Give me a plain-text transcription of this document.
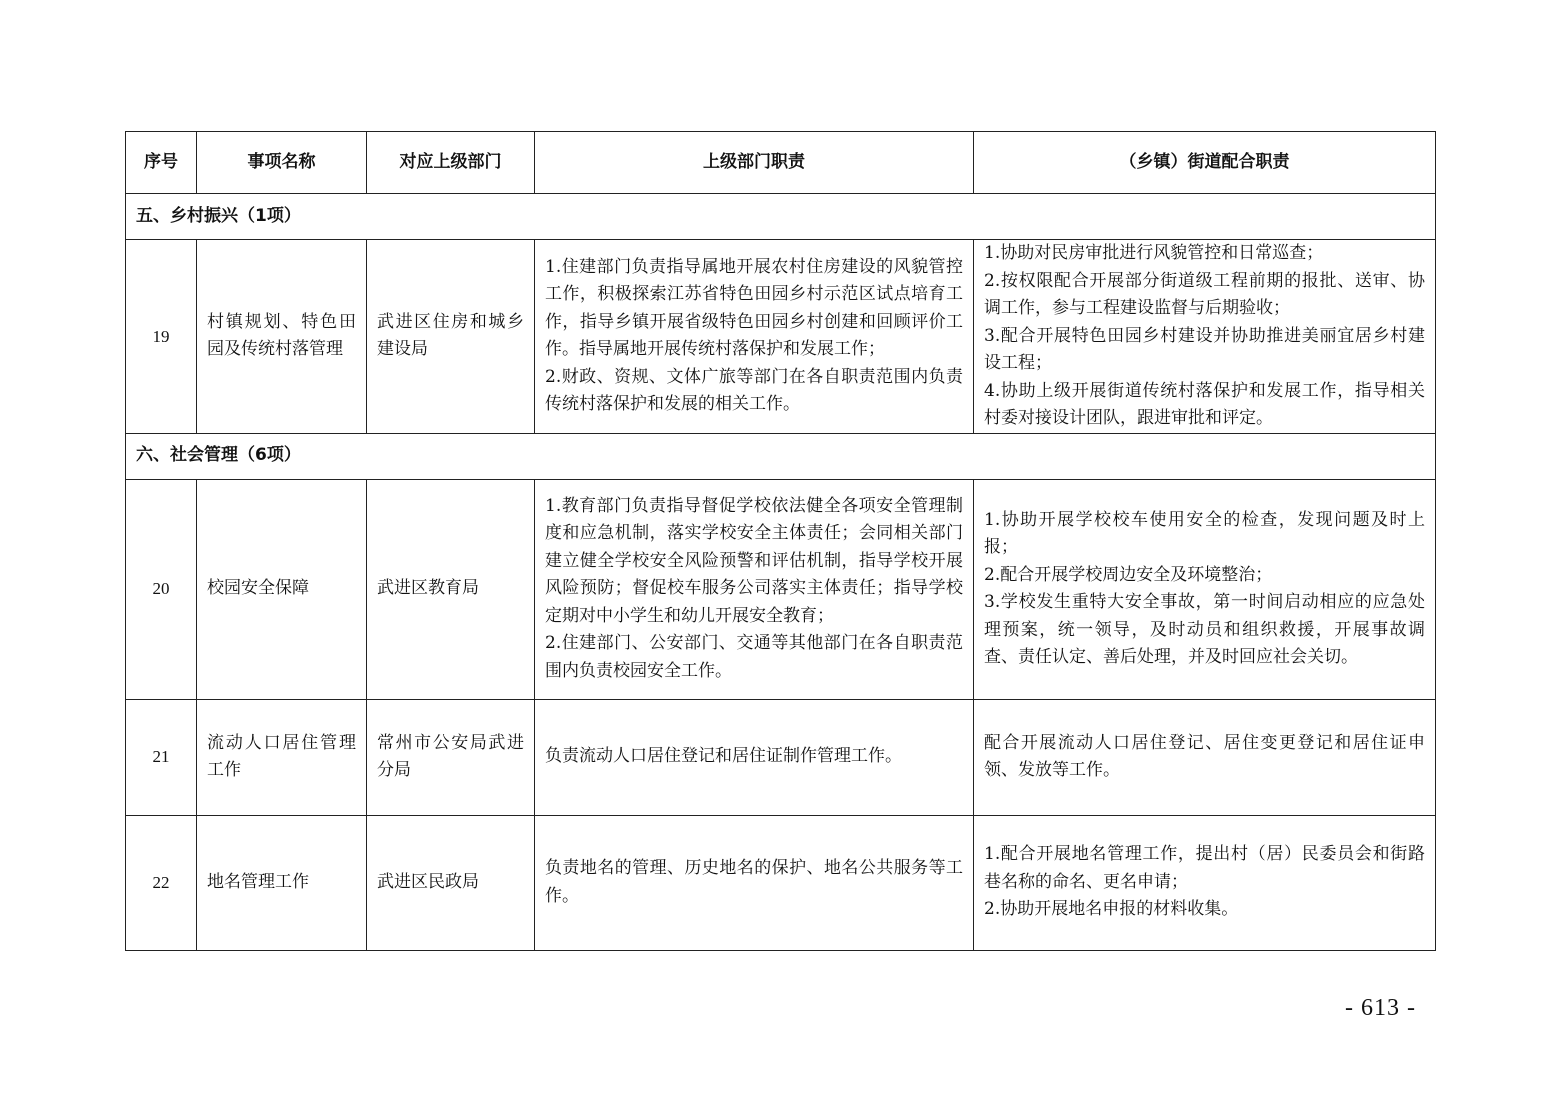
序号	事项名称	对应上级部门	上级部门职责	（乡镇）街道配合职责
五、乡村振兴（1项）				
19	村镇规划、特色田园及传统村落管理	武进区住房和城乡建设局	1.住建部门负责指导属地开展农村住房建设的风貌管控工作，积极探索江苏省特色田园乡村示范区试点培育工作，指导乡镇开展省级特色田园乡村创建和回顾评价工作。指导属地开展传统村落保护和发展工作；
2.财政、资规、文体广旅等部门在各自职责范围内负责传统村落保护和发展的相关工作。	1.协助对民房审批进行风貌管控和日常巡查；
2.按权限配合开展部分街道级工程前期的报批、送审、协调工作，参与工程建设监督与后期验收；
3.配合开展特色田园乡村建设并协助推进美丽宜居乡村建设工程；
4.协助上级开展街道传统村落保护和发展工作，指导相关村委对接设计团队，跟进审批和评定。

六、社会管理（6项）				
20	校园安全保障	武进区教育局	1.教育部门负责指导督促学校依法健全各项安全管理制度和应急机制，落实学校安全主体责任；会同相关部门建立健全学校安全风险预警和评估机制，指导学校开展风险预防；督促校车服务公司落实主体责任；指导学校定期对中小学生和幼儿开展安全教育；
2.住建部门、公安部门、交通等其他部门在各自职责范围内负责校园安全工作。	1.协助开展学校校车使用安全的检查，发现问题及时上报；
2.配合开展学校周边安全及环境整治；
3.学校发生重特大安全事故，第一时间启动相应的应急处理预案，统一领导，及时动员和组织救援，开展事故调查、责任认定、善后处理，并及时回应社会关切。

21	流动人口居住管理工作	常州市公安局武进分局	负责流动人口居住登记和居住证制作管理工作。	配合开展流动人口居住登记、居住变更登记和居住证申领、发放等工作。

22	地名管理工作	武进区民政局	负责地名的管理、历史地名的保护、地名公共服务等工作。	1.配合开展地名管理工作，提出村（居）民委员会和街路巷名称的命名、更名申请；
2.协助开展地名申报的材料收集。
- 613 -
